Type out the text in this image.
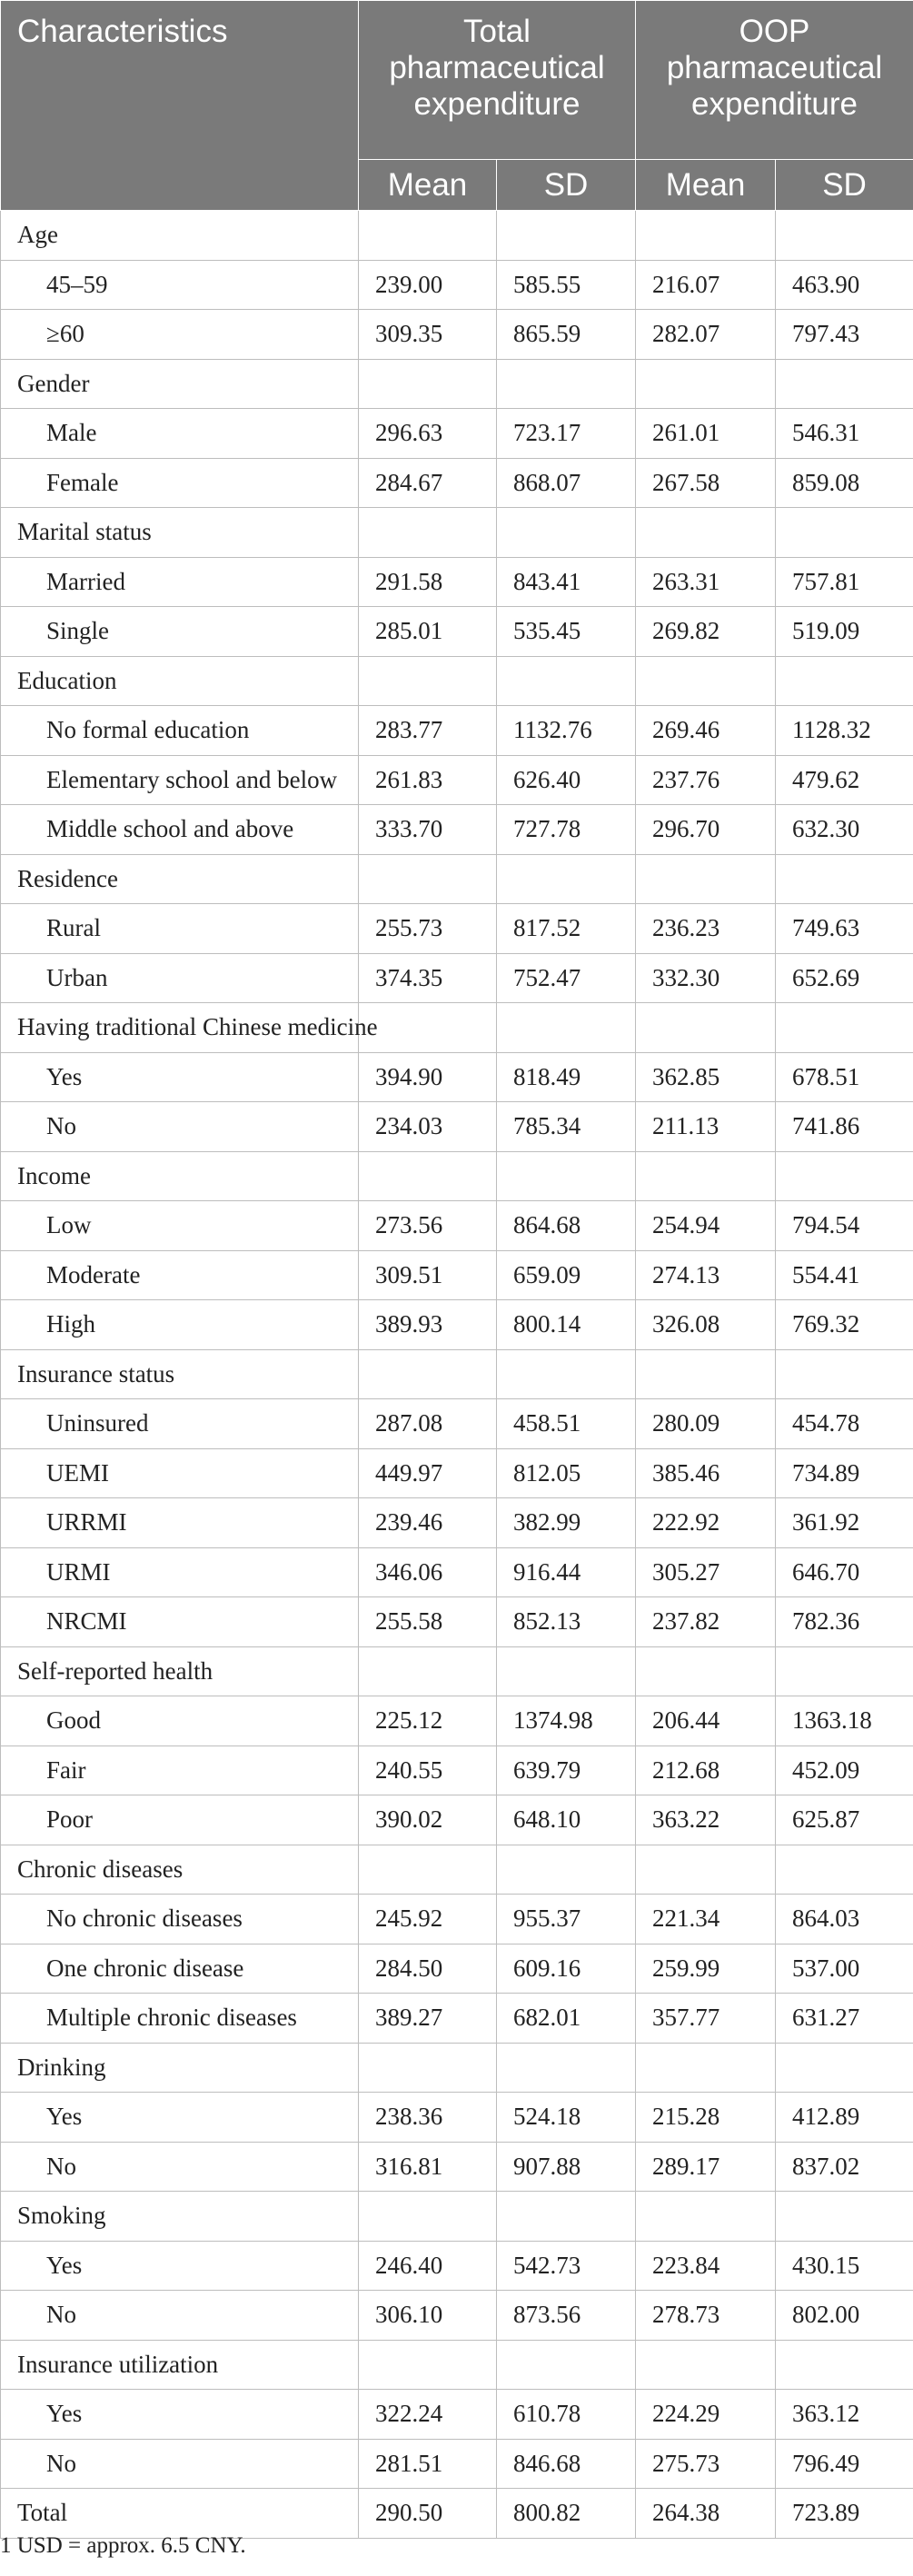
Characteristics	Total pharmaceutical expenditure		OOP pharmaceutical expenditure	
	Mean	SD	Mean	SD
Age				
45–59	239.00	585.55	216.07	463.90
≥60	309.35	865.59	282.07	797.43
Gender				
Male	296.63	723.17	261.01	546.31
Female	284.67	868.07	267.58	859.08
Marital status				
Married	291.58	843.41	263.31	757.81
Single	285.01	535.45	269.82	519.09
Education				
No formal education	283.77	1132.76	269.46	1128.32
Elementary school and below	261.83	626.40	237.76	479.62
Middle school and above	333.70	727.78	296.70	632.30
Residence				
Rural	255.73	817.52	236.23	749.63
Urban	374.35	752.47	332.30	652.69
Having traditional Chinese medicine				
Yes	394.90	818.49	362.85	678.51
No	234.03	785.34	211.13	741.86
Income				
Low	273.56	864.68	254.94	794.54
Moderate	309.51	659.09	274.13	554.41
High	389.93	800.14	326.08	769.32
Insurance status				
Uninsured	287.08	458.51	280.09	454.78
UEMI	449.97	812.05	385.46	734.89
URRMI	239.46	382.99	222.92	361.92
URMI	346.06	916.44	305.27	646.70
NRCMI	255.58	852.13	237.82	782.36
Self-reported health				
Good	225.12	1374.98	206.44	1363.18
Fair	240.55	639.79	212.68	452.09
Poor	390.02	648.10	363.22	625.87
Chronic diseases				
No chronic diseases	245.92	955.37	221.34	864.03
One chronic disease	284.50	609.16	259.99	537.00
Multiple chronic diseases	389.27	682.01	357.77	631.27
Drinking				
Yes	238.36	524.18	215.28	412.89
No	316.81	907.88	289.17	837.02
Smoking				
Yes	246.40	542.73	223.84	430.15
No	306.10	873.56	278.73	802.00
Insurance utilization				
Yes	322.24	610.78	224.29	363.12
No	281.51	846.68	275.73	796.49
Total	290.50	800.82	264.38	723.89
1 USD = approx. 6.5 CNY.
